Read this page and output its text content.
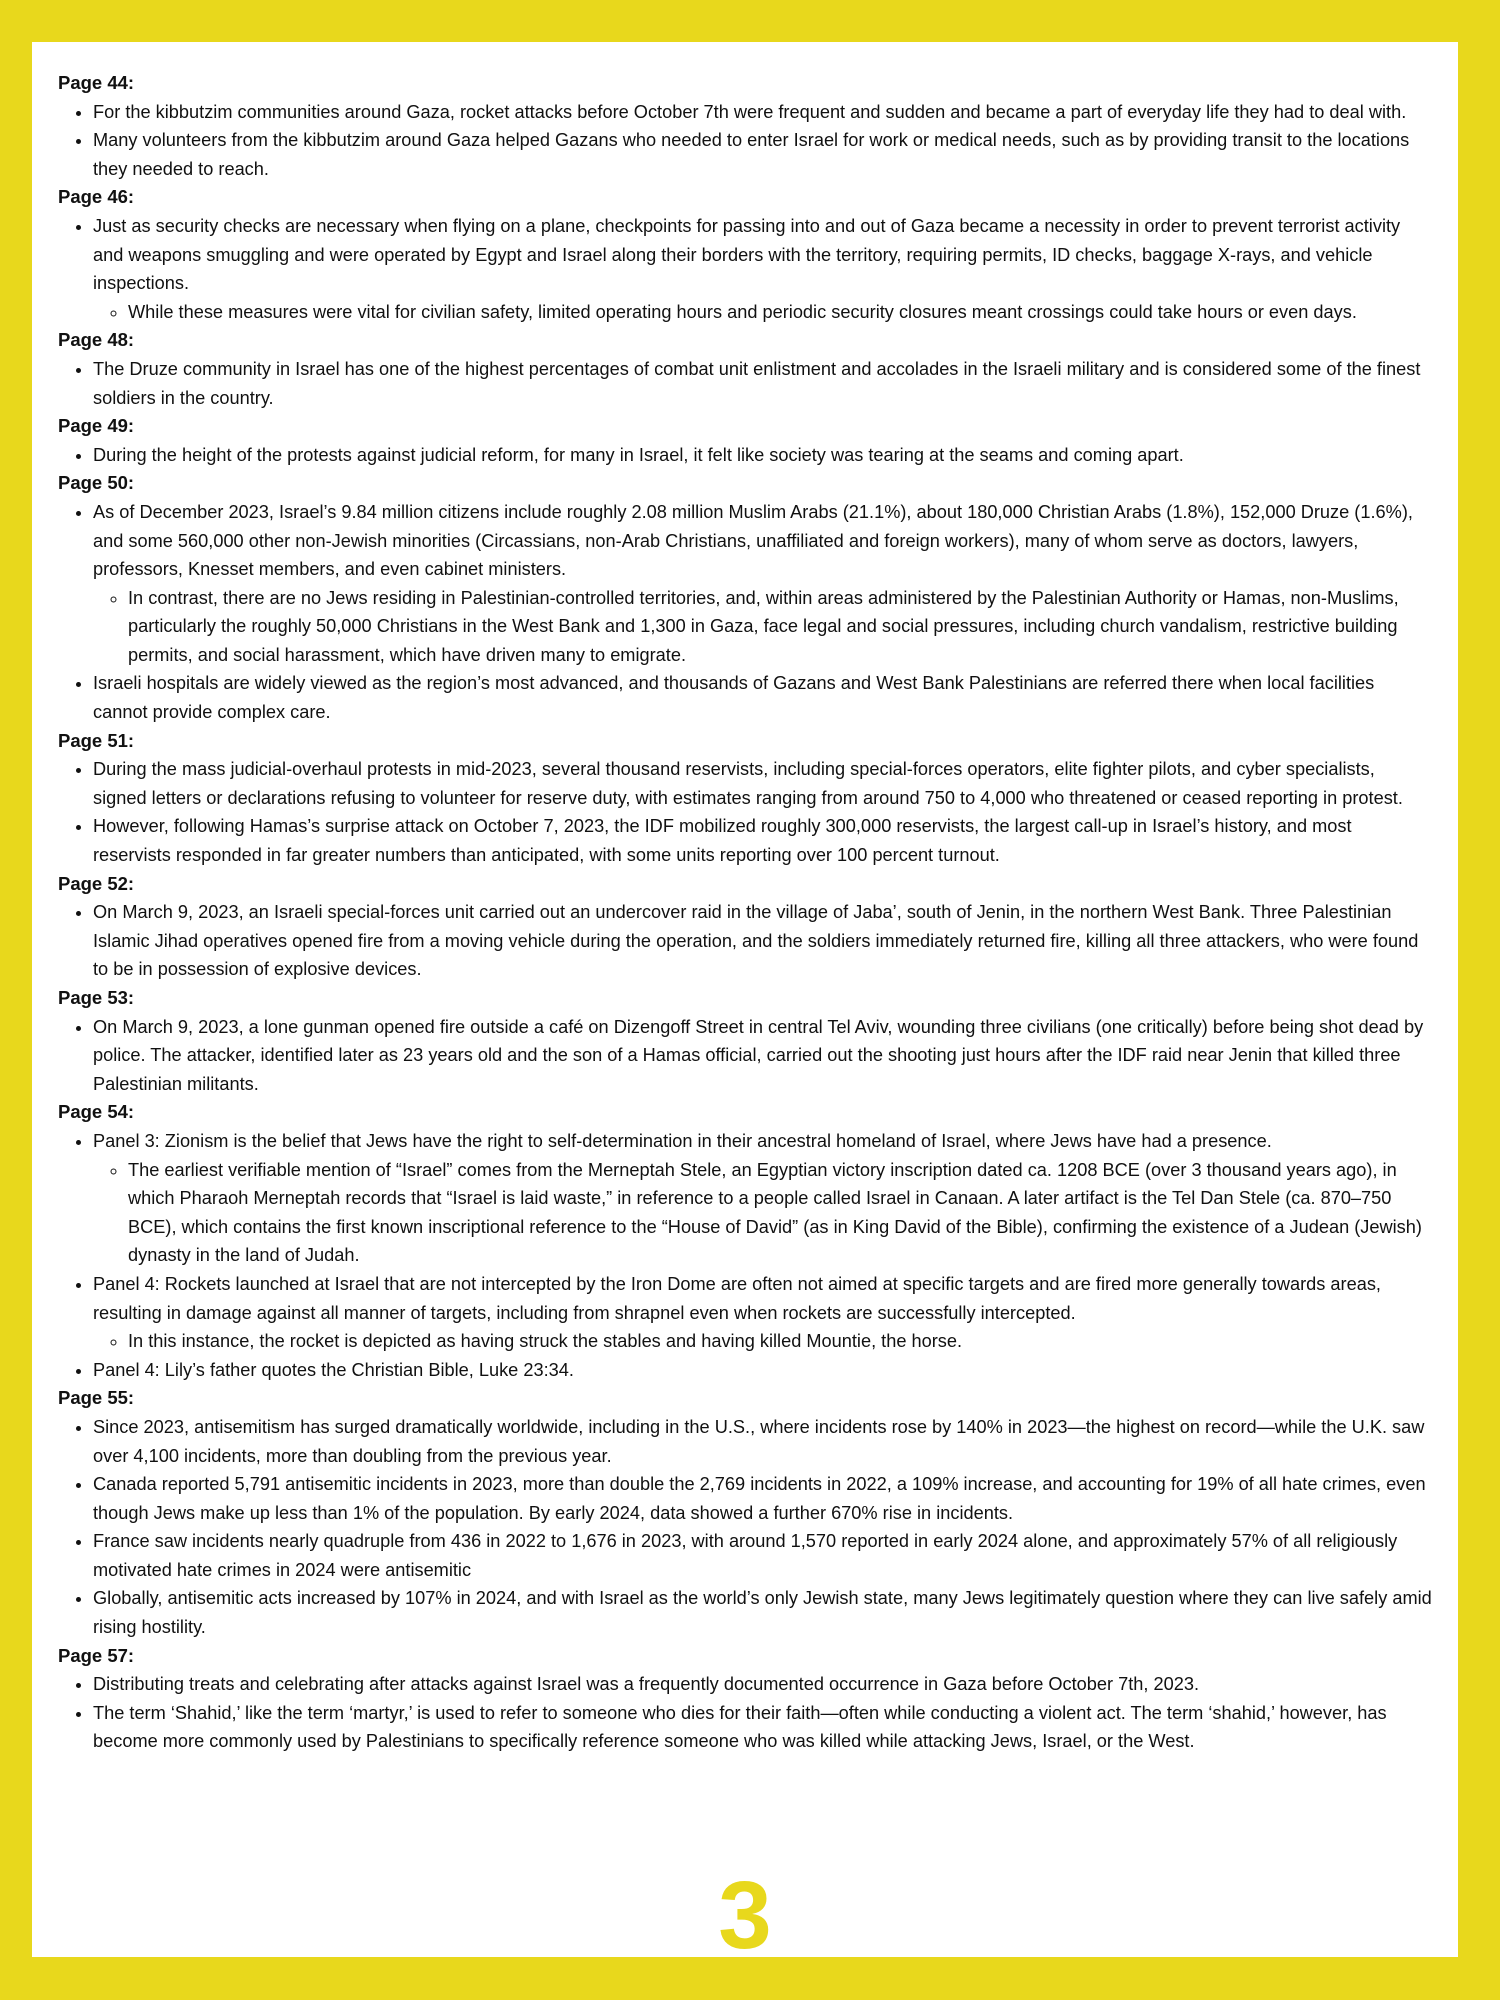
Page 44:
• For the kibbutzim communities around Gaza, rocket attacks before October 7th were frequent and sudden and became a part of everyday life they had to deal with.
• Many volunteers from the kibbutzim around Gaza helped Gazans who needed to enter Israel for work or medical needs, such as by providing transit to the locations they needed to reach.
Page 46:
• Just as security checks are necessary when flying on a plane, checkpoints for passing into and out of Gaza became a necessity in order to prevent terrorist activity and weapons smuggling and were operated by Egypt and Israel along their borders with the territory, requiring permits, ID checks, baggage X-rays, and vehicle inspections.
◦ While these measures were vital for civilian safety, limited operating hours and periodic security closures meant crossings could take hours or even days.
Page 48:
• The Druze community in Israel has one of the highest percentages of combat unit enlistment and accolades in the Israeli military and is considered some of the finest soldiers in the country.
Page 49:
• During the height of the protests against judicial reform, for many in Israel, it felt like society was tearing at the seams and coming apart.
Page 50:
• As of December 2023, Israel’s 9.84 million citizens include roughly 2.08 million Muslim Arabs (21.1%), about 180,000 Christian Arabs (1.8%), 152,000 Druze (1.6%), and some 560,000 other non-Jewish minorities (Circassians, non-Arab Christians, unaffiliated and foreign workers), many of whom serve as doctors, lawyers, professors, Knesset members, and even cabinet ministers.
◦ In contrast, there are no Jews residing in Palestinian-controlled territories, and, within areas administered by the Palestinian Authority or Hamas, non-Muslims, particularly the roughly 50,000 Christians in the West Bank and 1,300 in Gaza, face legal and social pressures, including church vandalism, restrictive building permits, and social harassment, which have driven many to emigrate.
• Israeli hospitals are widely viewed as the region’s most advanced, and thousands of Gazans and West Bank Palestinians are referred there when local facilities cannot provide complex care.
Page 51:
• During the mass judicial-overhaul protests in mid-2023, several thousand reservists, including special-forces operators, elite fighter pilots, and cyber specialists, signed letters or declarations refusing to volunteer for reserve duty, with estimates ranging from around 750 to 4,000 who threatened or ceased reporting in protest.
• However, following Hamas’s surprise attack on October 7, 2023, the IDF mobilized roughly 300,000 reservists, the largest call-up in Israel’s history, and most reservists responded in far greater numbers than anticipated, with some units reporting over 100 percent turnout.
Page 52:
• On March 9, 2023, an Israeli special-forces unit carried out an undercover raid in the village of Jaba’, south of Jenin, in the northern West Bank. Three Palestinian Islamic Jihad operatives opened fire from a moving vehicle during the operation, and the soldiers immediately returned fire, killing all three attackers, who were found to be in possession of explosive devices.
Page 53:
• On March 9, 2023, a lone gunman opened fire outside a café on Dizengoff Street in central Tel Aviv, wounding three civilians (one critically) before being shot dead by police. The attacker, identified later as 23 years old and the son of a Hamas official, carried out the shooting just hours after the IDF raid near Jenin that killed three Palestinian militants.
Page 54:
• Panel 3: Zionism is the belief that Jews have the right to self-determination in their ancestral homeland of Israel, where Jews have had a presence.
◦ The earliest verifiable mention of “Israel” comes from the Merneptah Stele, an Egyptian victory inscription dated ca. 1208 BCE (over 3 thousand years ago), in which Pharaoh Merneptah records that “Israel is laid waste,” in reference to a people called Israel in Canaan. A later artifact is the Tel Dan Stele (ca. 870–750 BCE), which contains the first known inscriptional reference to the “House of David” (as in King David of the Bible), confirming the existence of a Judean (Jewish) dynasty in the land of Judah.
• Panel 4: Rockets launched at Israel that are not intercepted by the Iron Dome are often not aimed at specific targets and are fired more generally towards areas, resulting in damage against all manner of targets, including from shrapnel even when rockets are successfully intercepted.
◦ In this instance, the rocket is depicted as having struck the stables and having killed Mountie, the horse.
• Panel 4: Lily’s father quotes the Christian Bible, Luke 23:34.
Page 55:
• Since 2023, antisemitism has surged dramatically worldwide, including in the U.S., where incidents rose by 140% in 2023—the highest on record—while the U.K. saw over 4,100 incidents, more than doubling from the previous year.
• Canada reported 5,791 antisemitic incidents in 2023, more than double the 2,769 incidents in 2022, a 109% increase, and accounting for 19% of all hate crimes, even though Jews make up less than 1% of the population. By early 2024, data showed a further 670% rise in incidents.
• France saw incidents nearly quadruple from 436 in 2022 to 1,676 in 2023, with around 1,570 reported in early 2024 alone, and approximately 57% of all religiously motivated hate crimes in 2024 were antisemitic
• Globally, antisemitic acts increased by 107% in 2024, and with Israel as the world’s only Jewish state, many Jews legitimately question where they can live safely amid rising hostility.
Page 57:
• Distributing treats and celebrating after attacks against Israel was a frequently documented occurrence in Gaza before October 7th, 2023.
• The term ‘Shahid,’ like the term ‘martyr,’ is used to refer to someone who dies for their faith—often while conducting a violent act. The term ‘shahid,’ however, has become more commonly used by Palestinians to specifically reference someone who was killed while attacking Jews, Israel, or the West.
3
